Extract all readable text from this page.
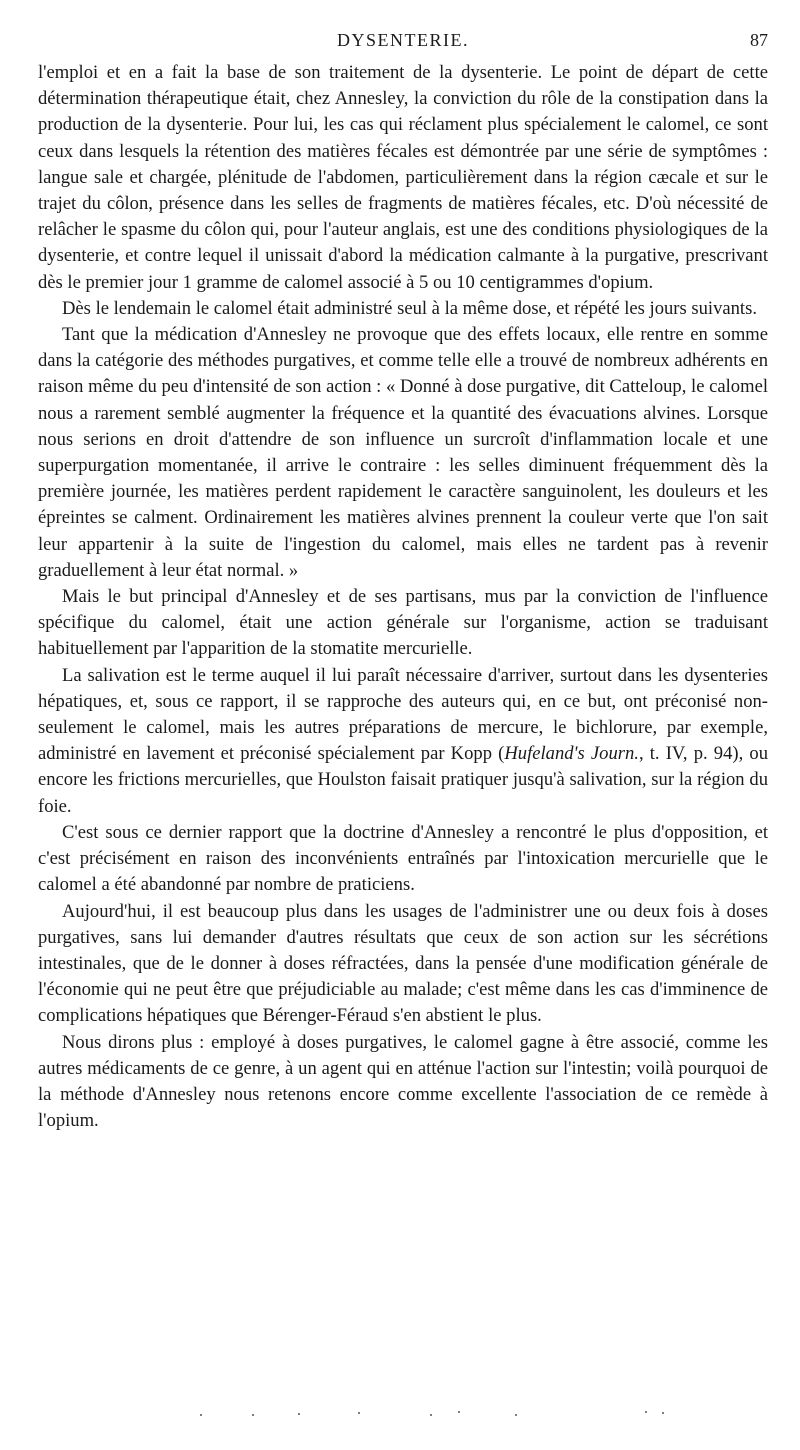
DYSENTERIE.	87

l'emploi et en a fait la base de son traitement de la dysenterie. Le point de départ de cette détermination thérapeutique était, chez Annesley, la conviction du rôle de la constipation dans la production de la dysenterie. Pour lui, les cas qui réclament plus spécialement le calomel, ce sont ceux dans lesquels la rétention des matières fécales est démontrée par une série de symptômes : langue sale et chargée, plénitude de l'abdomen, particulièrement dans la région cæcale et sur le trajet du côlon, présence dans les selles de fragments de matières fécales, etc. D'où nécessité de relâcher le spasme du côlon qui, pour l'auteur anglais, est une des conditions physiologiques de la dysenterie, et contre lequel il unissait d'abord la médication calmante à la purgative, prescrivant dès le premier jour 1 gramme de calomel associé à 5 ou 10 centigrammes d'opium.

Dès le lendemain le calomel était administré seul à la même dose, et répété les jours suivants.

Tant que la médication d'Annesley ne provoque que des effets locaux, elle rentre en somme dans la catégorie des méthodes purgatives, et comme telle elle a trouvé de nombreux adhérents en raison même du peu d'intensité de son action : « Donné à dose purgative, dit Catteloup, le calomel nous a rarement semblé augmenter la fréquence et la quantité des évacuations alvines. Lorsque nous serions en droit d'attendre de son influence un surcroît d'inflammation locale et une superpurgation momentanée, il arrive le contraire : les selles diminuent fréquemment dès la première journée, les matières perdent rapidement le caractère sanguinolent, les douleurs et les épreintes se calment. Ordinairement les matières alvines prennent la couleur verte que l'on sait leur appartenir à la suite de l'ingestion du calomel, mais elles ne tardent pas à revenir graduellement à leur état normal. »

Mais le but principal d'Annesley et de ses partisans, mus par la conviction de l'influence spécifique du calomel, était une action générale sur l'organisme, action se traduisant habituellement par l'apparition de la stomatite mercurielle.

La salivation est le terme auquel il lui paraît nécessaire d'arriver, surtout dans les dysenteries hépatiques, et, sous ce rapport, il se rapproche des auteurs qui, en ce but, ont préconisé non-seulement le calomel, mais les autres préparations de mercure, le bichlorure, par exemple, administré en lavement et préconisé spécialement par Kopp (Hufeland's Journ., t. IV, p. 94), ou encore les frictions mercurielles, que Houlston faisait pratiquer jusqu'à salivation, sur la région du foie.

C'est sous ce dernier rapport que la doctrine d'Annesley a rencontré le plus d'opposition, et c'est précisément en raison des inconvénients entraînés par l'intoxication mercurielle que le calomel a été abandonné par nombre de praticiens.

Aujourd'hui, il est beaucoup plus dans les usages de l'administrer une ou deux fois à doses purgatives, sans lui demander d'autres résultats que ceux de son action sur les sécrétions intestinales, que de le donner à doses réfractées, dans la pensée d'une modification générale de l'économie qui ne peut être que préjudiciable au malade; c'est même dans les cas d'imminence de complications hépatiques que Bérenger-Féraud s'en abstient le plus.

Nous dirons plus : employé à doses purgatives, le calomel gagne à être associé, comme les autres médicaments de ce genre, à un agent qui en atténue l'action sur l'intestin; voilà pourquoi de la méthode d'Annesley nous retenons encore comme excellente l'association de ce remède à l'opium.
